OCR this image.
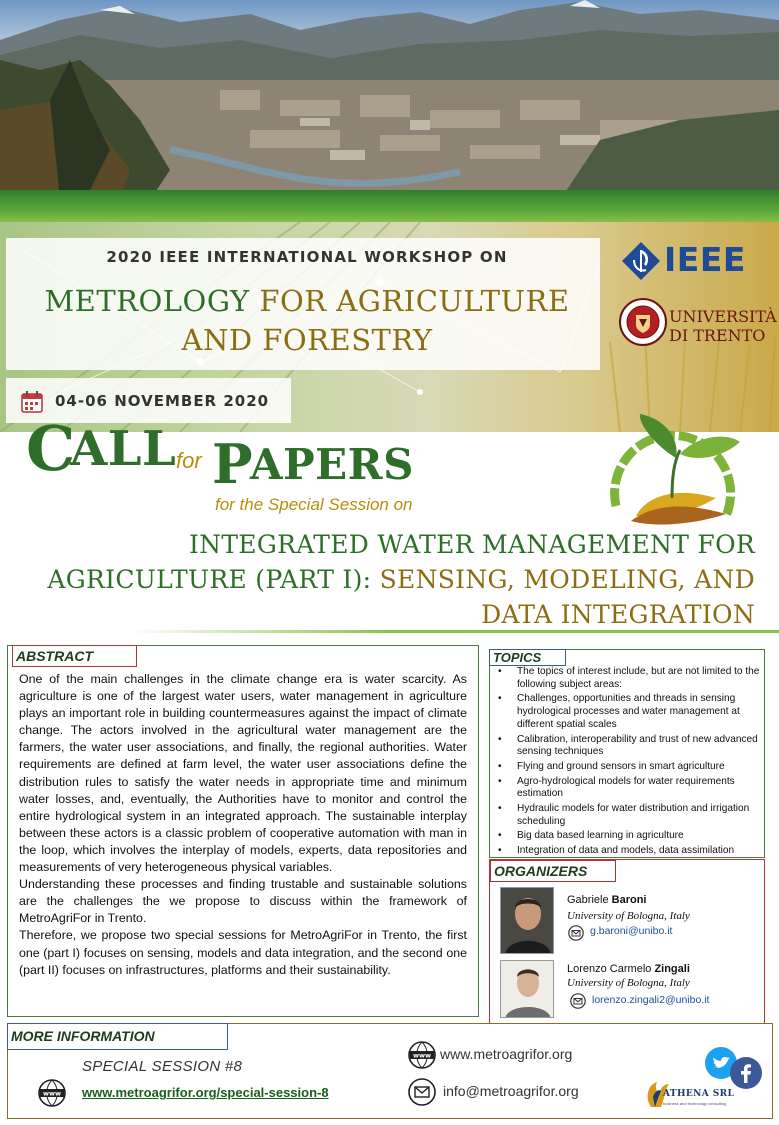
2020 IEEE INTERNATIONAL WORKSHOP ON
METROLOGY FOR AGRICULTURE
AND FORESTRY
IEEE
UNIVERSITÀ
DI TRENTO
04-06 NOVEMBER 2020
C
ALL for P
APERS
for the Special Session on
INTEGRATED WATER MANAGEMENT FOR
AGRICULTURE (PART I): SENSING, MODELING, AND
DATA INTEGRATION
ABSTRACT

One of the main challenges in the climate change era is water scarcity. As agriculture is one of the largest water users, water management in agriculture plays an important role in building countermeasures against the impact of climate change. The actors involved in the agricultural water management are the farmers, the water user associations, and finally, the regional authorities. Water requirements are defined at farm level, the water user associations define the distribution rules to satisfy the water needs in appropriate time and minimum water losses, and, eventually, the Authorities have to monitor and control the entire hydrological system in an integrated approach. The sustainable interplay between these actors is a classic problem of cooperative automation with man in the loop, which involves the interplay of models, experts, data repositories and measurements of very heterogeneous physical variables.

Understanding these processes and finding trustable and sustainable solutions are the challenges the we propose to discuss within the framework of MetroAgriFor in Trento.

Therefore, we propose two special sessions for MetroAgriFor in Trento, the first one (part I) focuses on sensing, models and data integration, and the second one (part II) focuses on infrastructures, platforms and their sustainability.

TOPICS
• The topics of interest include, but are not limited to the following subject areas:
• Challenges, opportunities and threads in sensing hydrological processes and water management at different spatial scales
• Calibration, interoperability and trust of new advanced sensing techniques
• Flying and ground sensors in smart agriculture
• Agro-hydrological models for water requirements estimation
• Hydraulic models for water distribution and irrigation scheduling
• Big data based learning in agriculture
• Integration of data and models, data assimilation
ORGANIZERS
Gabriele Baroni
University of Bologna, Italy
g.baroni@unibo.it
Lorenzo Carmelo Zingali
University of Bologna, Italy
lorenzo.zingali2@unibo.it
MORE INFORMATION
SPECIAL SESSION #8
www www.metroagrifor.org/special-session-8
www www.metroagrifor.org
info@metroagrifor.org	ATHENA SRL
business and technology consulting
